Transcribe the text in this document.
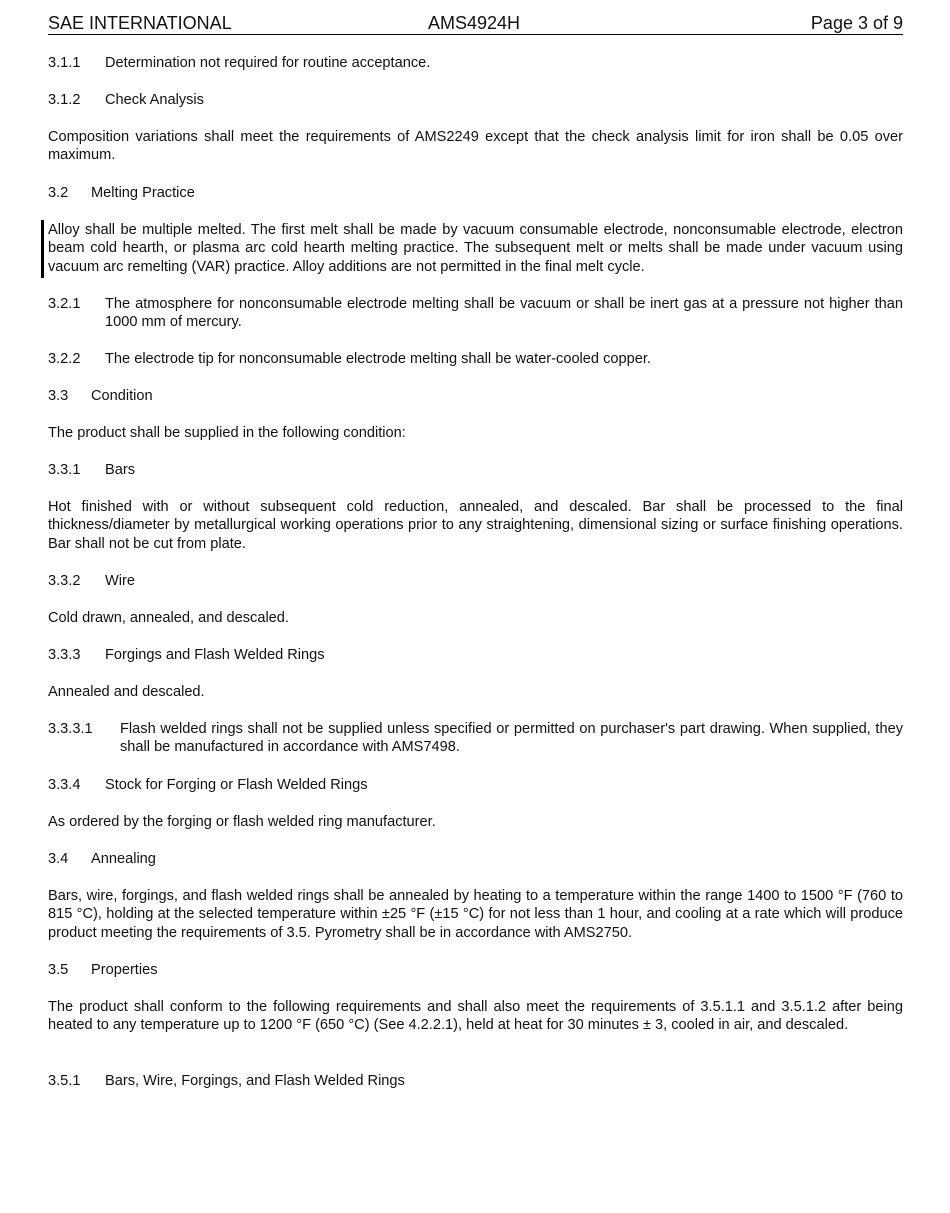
SAE INTERNATIONAL	AMS4924H	Page 3 of 9
3.1.1 Determination not required for routine acceptance.
3.1.2 Check Analysis
Composition variations shall meet the requirements of AMS2249 except that the check analysis limit for iron shall be 0.05 over maximum.
3.2 Melting Practice
Alloy shall be multiple melted. The first melt shall be made by vacuum consumable electrode, nonconsumable electrode, electron beam cold hearth, or plasma arc cold hearth melting practice. The subsequent melt or melts shall be made under vacuum using vacuum arc remelting (VAR) practice. Alloy additions are not permitted in the final melt cycle.
3.2.1 The atmosphere for nonconsumable electrode melting shall be vacuum or shall be inert gas at a pressure not higher than 1000 mm of mercury.
3.2.2 The electrode tip for nonconsumable electrode melting shall be water-cooled copper.
3.3 Condition
The product shall be supplied in the following condition:
3.3.1 Bars
Hot finished with or without subsequent cold reduction, annealed, and descaled. Bar shall be processed to the final thickness/diameter by metallurgical working operations prior to any straightening, dimensional sizing or surface finishing operations. Bar shall not be cut from plate.
3.3.2 Wire
Cold drawn, annealed, and descaled.
3.3.3 Forgings and Flash Welded Rings
Annealed and descaled.
3.3.3.1 Flash welded rings shall not be supplied unless specified or permitted on purchaser's part drawing. When supplied, they shall be manufactured in accordance with AMS7498.
3.3.4 Stock for Forging or Flash Welded Rings
As ordered by the forging or flash welded ring manufacturer.
3.4 Annealing
Bars, wire, forgings, and flash welded rings shall be annealed by heating to a temperature within the range 1400 to 1500 °F (760 to 815 °C), holding at the selected temperature within ±25 °F (±15 °C) for not less than 1 hour, and cooling at a rate which will produce product meeting the requirements of 3.5. Pyrometry shall be in accordance with AMS2750.
3.5 Properties
The product shall conform to the following requirements and shall also meet the requirements of 3.5.1.1 and 3.5.1.2 after being heated to any temperature up to 1200 °F (650 °C) (See 4.2.2.1), held at heat for 30 minutes ± 3, cooled in air, and descaled.
3.5.1 Bars, Wire, Forgings, and Flash Welded Rings
